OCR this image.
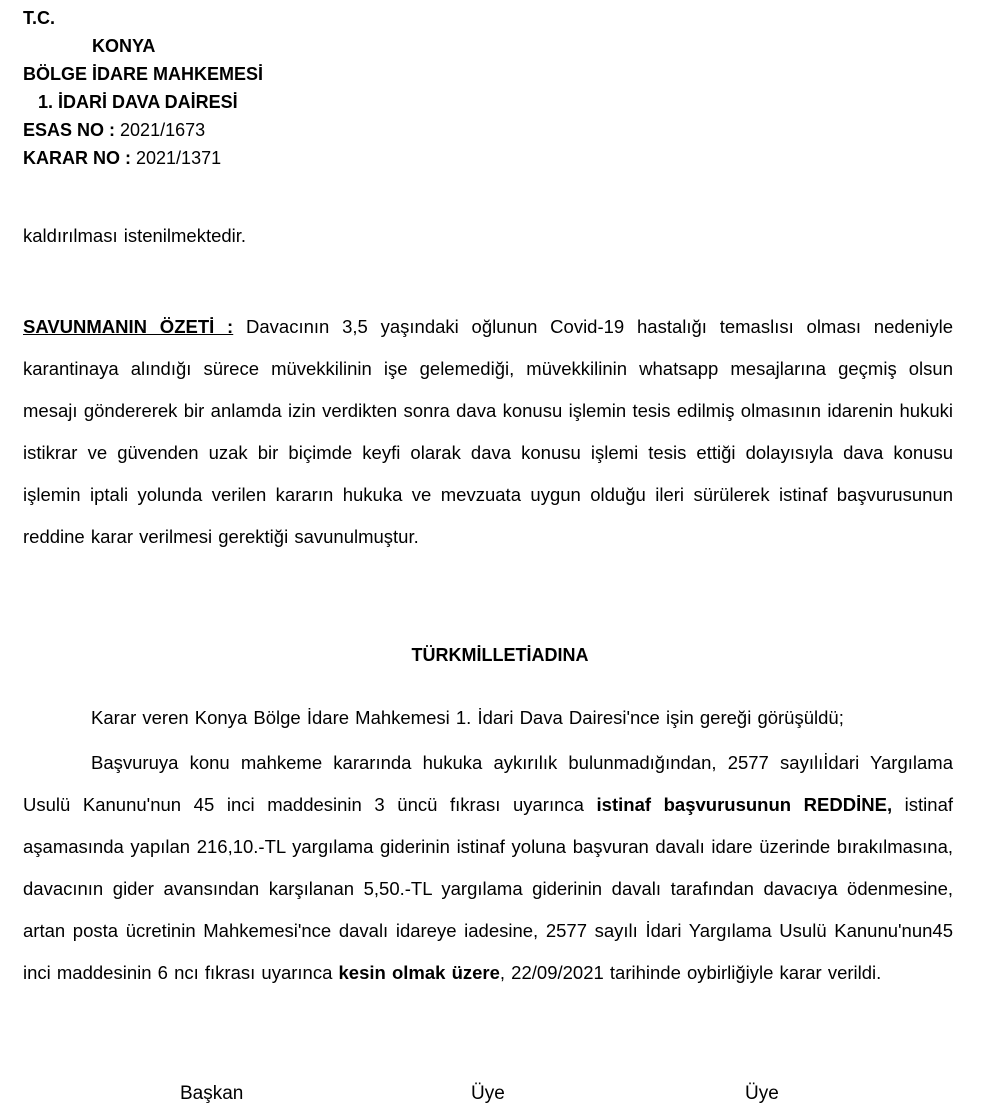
T.C.
KONYA
BÖLGE İDARE MAHKEMESİ
1. İDARİ DAVA DAİRESİ
ESAS NO : 2021/1673
KARAR NO : 2021/1371
kaldırılması istenilmektedir.
SAVUNMANIN ÖZETİ : Davacının 3,5 yaşındaki oğlunun Covid-19 hastalığı temaslısı olması nedeniyle karantinaya alındığı sürece müvekkilinin işe gelemediği, müvekkilinin whatsapp mesajlarına geçmiş olsun mesajı göndererek bir anlamda izin verdikten sonra dava konusu işlemin tesis edilmiş olmasının idarenin hukuki istikrar ve güvenden uzak bir biçimde keyfi olarak dava konusu işlemi tesis ettiği dolayısıyla dava konusu işlemin iptali yolunda verilen kararın hukuka ve mevzuata uygun olduğu ileri sürülerek istinaf başvurusunun reddine karar verilmesi gerektiği savunulmuştur.
TÜRKMİLLETİADINA
Karar veren Konya Bölge İdare Mahkemesi 1. İdari Dava Dairesi'nce işin gereği görüşüldü;
Başvuruya konu mahkeme kararında hukuka aykırılık bulunmadığından, 2577 sayılıİdari Yargılama Usulü Kanunu'nun 45 inci maddesinin 3 üncü fıkrası uyarınca istinaf başvurusunun REDDİNE, istinaf aşamasında yapılan 216,10.-TL yargılama giderinin istinaf yoluna başvuran davalı idare üzerinde bırakılmasına, davacının gider avansından karşılanan 5,50.-TL yargılama giderinin davalı tarafından davacıya ödenmesine, artan posta ücretinin Mahkemesi'nce davalı idareye iadesine, 2577 sayılı İdari Yargılama Usulü Kanunu'nun45 inci maddesinin 6 ncı fıkrası uyarınca kesin olmak üzere, 22/09/2021 tarihinde oybirliğiyle karar verildi.
Başkan	Üye	Üye
